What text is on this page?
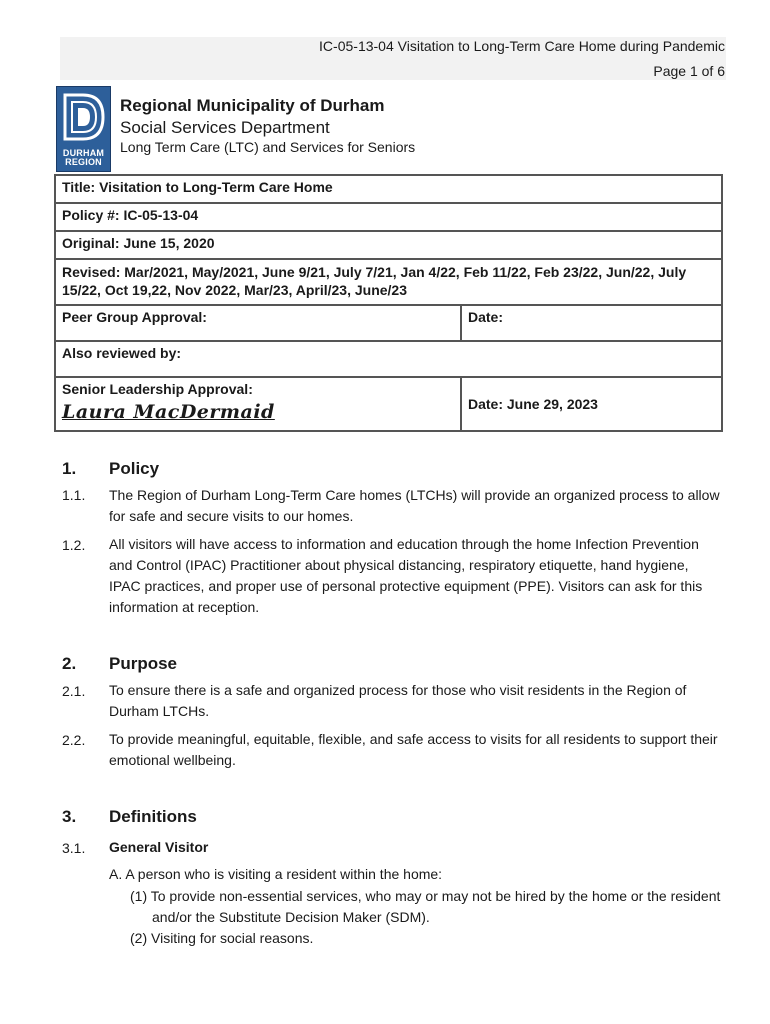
IC-05-13-04 Visitation to Long-Term Care Home during Pandemic
Page 1 of 6
DURHAM
REGION
Regional Municipality of Durham
Social Services Department
Long Term Care (LTC) and Services for Seniors
Title: Visitation to Long-Term Care Home	
Policy #: IC-05-13-04	
Original: June 15, 2020	
Revised: Mar/2021, May/2021, June 9/21, July 7/21, Jan 4/22, Feb 11/22, Feb 23/22, Jun/22, July 15/22, Oct 19,22, Nov 2022, Mar/23, April/23, June/23	
Peer Group Approval:	Date:
Also reviewed by:	

Senior Leadership Approval:
Laura MacDermaid	Date: June 29, 2023
1. Policy
1.1. The Region of Durham Long-Term Care homes (LTCHs) will provide an organized process to allow for safe and secure visits to our homes.
1.2. All visitors will have access to information and education through the home Infection Prevention and Control (IPAC) Practitioner about physical distancing, respiratory etiquette, hand hygiene, IPAC practices, and proper use of personal protective equipment (PPE). Visitors can ask for this information at reception.
2. Purpose
2.1. To ensure there is a safe and organized process for those who visit residents in the Region of Durham LTCHs.
2.2. To provide meaningful, equitable, flexible, and safe access to visits for all residents to support their emotional wellbeing.
3. Definitions
3.1. General Visitor
A. A person who is visiting a resident within the home:
(1) To provide non-essential services, who may or may not be hired by the home or the resident and/or the Substitute Decision Maker (SDM).
(2) Visiting for social reasons.
